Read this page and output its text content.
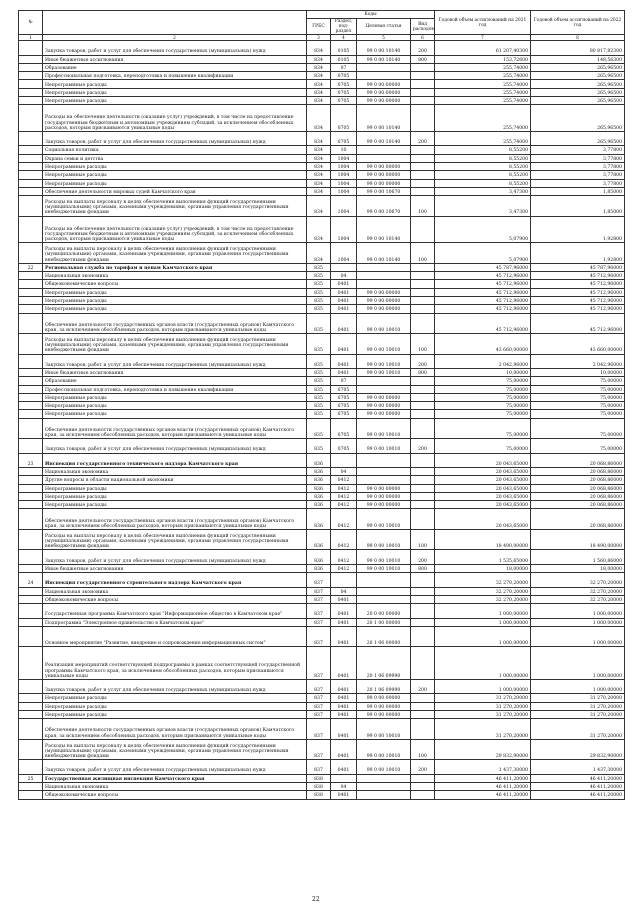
№		Коды				Годовой объем ассигнований на 2021 год	Годовой объем ассигнований на 2022 год
		ГРБС	Раздел, под-раздел	Целевая статья	Вид расходов		
1	2	3	4	5	6	7	8
	Закупка товаров, работ и услуг для обеспечения государственных (муниципальных) нужд	834	0105	99 0 00 10140	200	61 207,40300	80 817,82300
	Иные бюджетные ассигнования	834	0105	99 0 00 10140	800	153,72600	148,56300
	Образование	834	07			255,74000	265,96500
	Профессиональная подготовка, переподготовка и повышение квалификации	834	0705			255,74000	265,96500
	Непрограммные расходы	834	0705	99 0 00 00000		255,74000	265,96500
	Непрограммные расходы	834	0705	99 0 00 00000		255,74000	265,96500
	Непрограммные расходы	834	0705	99 0 00 00000		255,74000	265,96500
	Расходы на обеспечение деятельности (оказание услуг) учреждений, в том числе на предоставление государственным бюджетным и автономным учреждениям субсидий, за исключением обособленных расходов, которым присваиваются уникальные коды	834	0705	99 0 00 10140		255,74000	265,96500
	Закупка товаров, работ и услуг для обеспечения государственных (муниципальных) нужд	834	0705	99 0 00 10140	200	255,74000	265,96500
	Социальная политика	834	10			8,55200	3,77800
	Охрана семьи и детства	834	1004			8,55200	3,77800
	Непрограммные расходы	834	1004	99 0 00 00000		8,55200	3,77800
	Непрограммные расходы	834	1004	99 0 00 00000		8,55200	3,77800
	Непрограммные расходы	834	1004	99 0 00 00000		8,55200	3,77800
	Обеспечение деятельности мировых судей Камчатского края	834	1004	99 0 00 10670		3,47300	1,85000
	Расходы на выплаты персоналу в целях обеспечения выполнения функций государственными (муниципальными) органами, казенными учреждениями, органами управления государственными внебюджетными фондами	834	1004	99 0 00 10670	100	3,47300	1,85000
	Расходы на обеспечение деятельности (оказание услуг) учреждений, в том числе на предоставление государственным бюджетным и автономным учреждениям субсидий, за исключением обособленных расходов, которым присваиваются уникальные коды	834	1004	99 0 00 10140		5,07900	1,92800
	Расходы на выплаты персоналу в целях обеспечения выполнения функций государственными (муниципальными) органами, казенными учреждениями, органами управления государственными внебюджетными фондами	834	1004	99 0 00 10140	100	5,07900	1,92800
22	Региональная служба по тарифам и ценам Камчатского края	835				45 787,96000	45 787,96000
	Национальная экономика	835	04			45 712,96000	45 712,96000
	Общеэкономические вопросы	835	0401			45 712,96000	45 712,96000
	Непрограммные расходы	835	0401	99 0 00 00000		45 712,96000	45 712,96000
	Непрограммные расходы	835	0401	99 0 00 00000		45 712,96000	45 712,96000
	Непрограммные расходы	835	0401	99 0 00 00000		45 712,96000	45 712,96000
	Обеспечение деятельности государственных органов власти (государственных органов) Камчатского края, за исключением обособленных расходов, которым присваиваются уникальные коды	835	0401	99 0 00 10010		45 712,96000	45 712,96000
	Расходы на выплаты персоналу в целях обеспечения выполнения функций государственными (муниципальными) органами, казенными учреждениями, органами управления государственными внебюджетными фондами	835	0401	99 0 00 10010	100	43 660,00000	43 660,00000
	Закупка товаров, работ и услуг для обеспечения государственных (муниципальных) нужд	835	0401	99 0 00 10010	200	2 042,96000	2 042,96000
	Иные бюджетные ассигнования	835	0401	99 0 00 10010	800	10,00000	10,00000
	Образование	835	07			75,00000	75,00000
	Профессиональная подготовка, переподготовка и повышение квалификации	835	0705			75,00000	75,00000
	Непрограммные расходы	835	0705	99 0 00 00000		75,00000	75,00000
	Непрограммные расходы	835	0705	99 0 00 00000		75,00000	75,00000
	Непрограммные расходы	835	0705	99 0 00 00000		75,00000	75,00000
	Обеспечение деятельности государственных органов власти (государственных органов) Камчатского края, за исключением обособленных расходов, которым присваиваются уникальные коды	835	0705	99 0 00 10010		75,00000	75,00000
	Закупка товаров, работ и услуг для обеспечения государственных (муниципальных) нужд	835	0705	99 0 00 10010	200	75,00000	75,00000
23	Инспекция государственного технического надзора Камчатского края	836				20 043,65000	20 068,86000
	Национальная экономика	836	04			20 043,65000	20 068,86000
	Другие вопросы в области национальной экономики	836	0412			20 043,65000	20 068,86000
	Непрограммные расходы	836	0412	99 0 00 00000		20 043,65000	20 068,86000
	Непрограммные расходы	836	0412	99 0 00 00000		20 043,65000	20 068,86000
	Непрограммные расходы	836	0412	99 0 00 00000		20 043,65000	20 068,86000
	Обеспечение деятельности государственных органов власти (государственных органов) Камчатского края, за исключением обособленных расходов, которым присваиваются уникальные коды	836	0412	99 0 00 10010		20 043,65000	20 068,86000
	Расходы на выплаты персоналу в целях обеспечения выполнения функций государственными (муниципальными) органами, казенными учреждениями, органами управления государственными внебюджетными фондами	836	0412	99 0 00 10010	100	18 490,00000	18 490,00000
	Закупка товаров, работ и услуг для обеспечения государственных (муниципальных) нужд	836	0412	99 0 00 10010	200	1 535,65000	1 560,86000
	Иные бюджетные ассигнования	836	0412	99 0 00 10010	800	18,00000	18,00000
24	Инспекция государственного строительного надзора Камчатского края	837				32 270,20000	32 270,20000
	Национальная экономика	837	04			32 270,20000	32 270,20000
	Общеэкономические вопросы	837	0401			32 270,20000	32 270,20000
	Государственная программа Камчатского края "Информационное общество в Камчатском крае"	837	0401	20 0 00 00000		1 000,00000	1 000,00000
	Подпрограмма "Электронное правительство в Камчатском крае"	837	0401	20 1 00 00000		1 000,00000	1 000,00000
	Основное мероприятие "Развитие, внедрение и сопровождение информационных систем"	837	0401	20 1 06 00000		1 000,00000	1 000,00000
	Реализация мероприятий соответствующей подпрограммы в рамках соответствующей государственной программы Камчатского края, за исключением обособленных расходов, которым присваиваются уникальные коды	837	0401	20 1 06 09990		1 000,00000	1 000,00000
	Закупка товаров, работ и услуг для обеспечения государственных (муниципальных) нужд	837	0401	20 1 06 09990	200	1 000,00000	1 000,00000
	Непрограммные расходы	837	0401	99 0 00 00000		31 270,20000	31 270,20000
	Непрограммные расходы	837	0401	99 0 00 00000		31 270,20000	31 270,20000
	Непрограммные расходы	837	0401	99 0 00 00000		31 270,20000	31 270,20000
	Обеспечение деятельности государственных органов власти (государственных органов) Камчатского края, за исключением обособленных расходов, которым присваиваются уникальные коды	837	0401	99 0 00 10010		31 270,20000	31 270,20000
	Расходы на выплаты персоналу в целях обеспечения выполнения функций государственными (муниципальными) органами, казенными учреждениями, органами управления государственными внебюджетными фондами	837	0401	99 0 00 10010	100	29 832,90000	29 832,90000
	Закупка товаров, работ и услуг для обеспечения государственных (муниципальных) нужд	837	0401	99 0 00 10010	200	1 437,30000	1 437,30000
25	Государственная жилищная инспекция Камчатского края	838				46 411,20000	46 411,20000
	Национальная экономика	838	04			46 411,20000	46 411,20000
	Общеэкономические вопросы	838	0401			46 411,20000	46 411,20000
22
